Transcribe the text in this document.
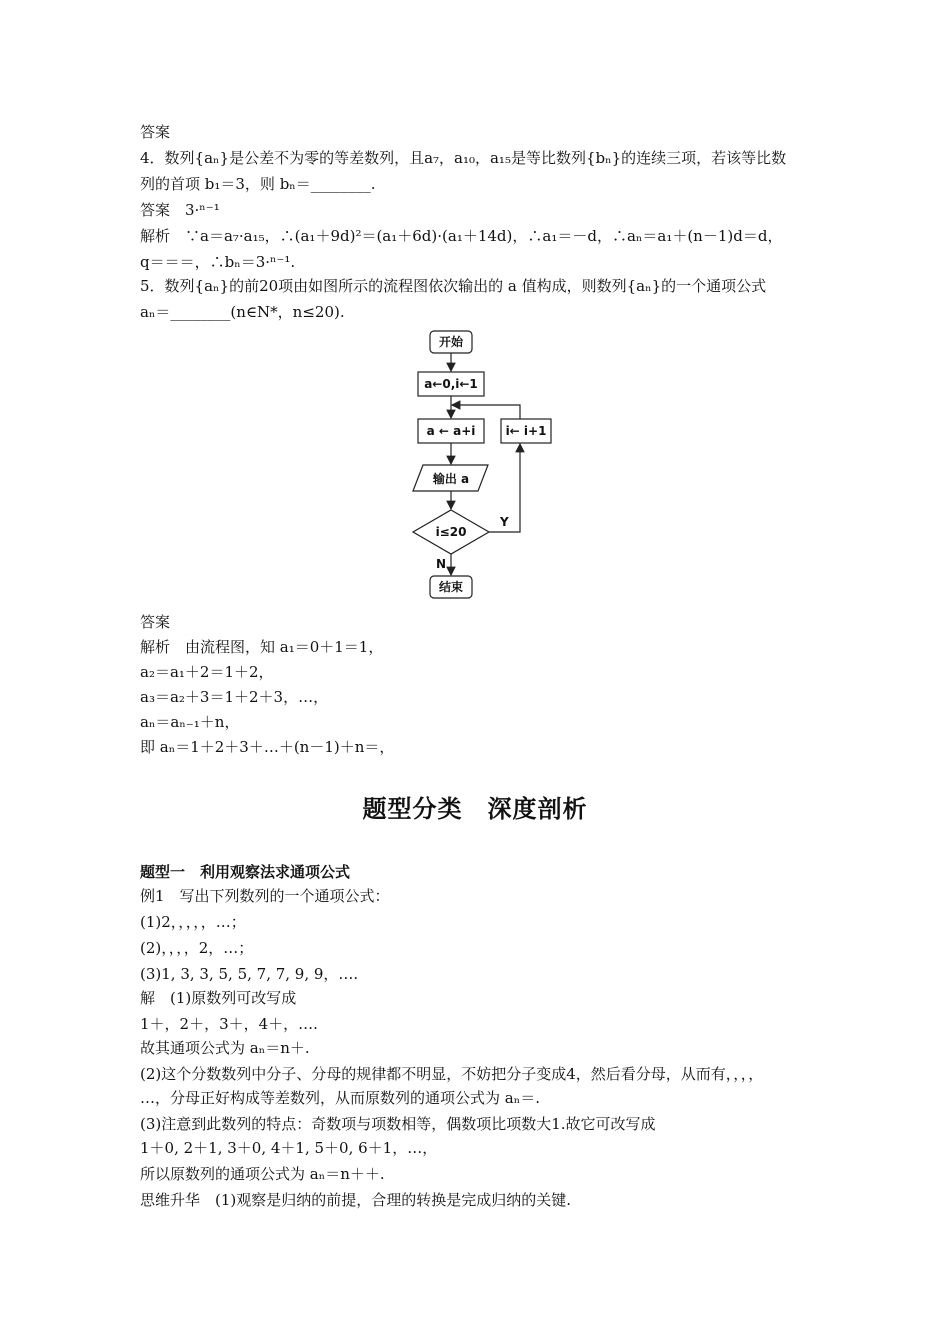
答案
4．数列{aₙ}是公差不为零的等差数列，且a₇，a₁₀，a₁₅是等比数列{bₙ}的连续三项，若该等比数
列的首项 b₁＝3，则 bₙ＝________.
答案　3·ⁿ⁻¹
解析　∵a＝a₇·a₁₅，∴(a₁＋9d)²＝(a₁＋6d)·(a₁＋14d)，∴a₁＝－d，∴aₙ＝a₁＋(n－1)d＝d，
q＝＝＝，∴bₙ＝3·ⁿ⁻¹.
5．数列{aₙ}的前20项由如图所示的流程图依次输出的 a 值构成，则数列{aₙ}的一个通项公式
aₙ＝________(n∈N*，n≤20).
开始
a←0,i←1
a ← a+i	i← i+1
输出 a
i≤20
Y
N
结束
答案
解析　由流程图，知 a₁＝0＋1＝1，
a₂＝a₁＋2＝1＋2，
a₃＝a₂＋3＝1＋2＋3，…，
aₙ＝aₙ₋₁＋n，
即 aₙ＝1＋2＋3＋…＋(n－1)＋n＝，
题型分类　深度剖析
题型一　利用观察法求通项公式
例1　写出下列数列的一个通项公式：
(1)2，，，，，…；
(2)，，，，2，…；
(3)1, 3, 3, 5, 5, 7, 7, 9, 9，….
解　(1)原数列可改写成
1＋，2＋，3＋，4＋，….
故其通项公式为 aₙ＝n＋.
(2)这个分数数列中分子、分母的规律都不明显，不妨把分子变成4，然后看分母，从而有，，，，
…，分母正好构成等差数列，从而原数列的通项公式为 aₙ＝.
(3)注意到此数列的特点：奇数项与项数相等，偶数项比项数大1.故它可改写成
1＋0, 2＋1, 3＋0, 4＋1, 5＋0, 6＋1，…，
所以原数列的通项公式为 aₙ＝n＋＋.
思维升华　(1)观察是归纳的前提，合理的转换是完成归纳的关键.
